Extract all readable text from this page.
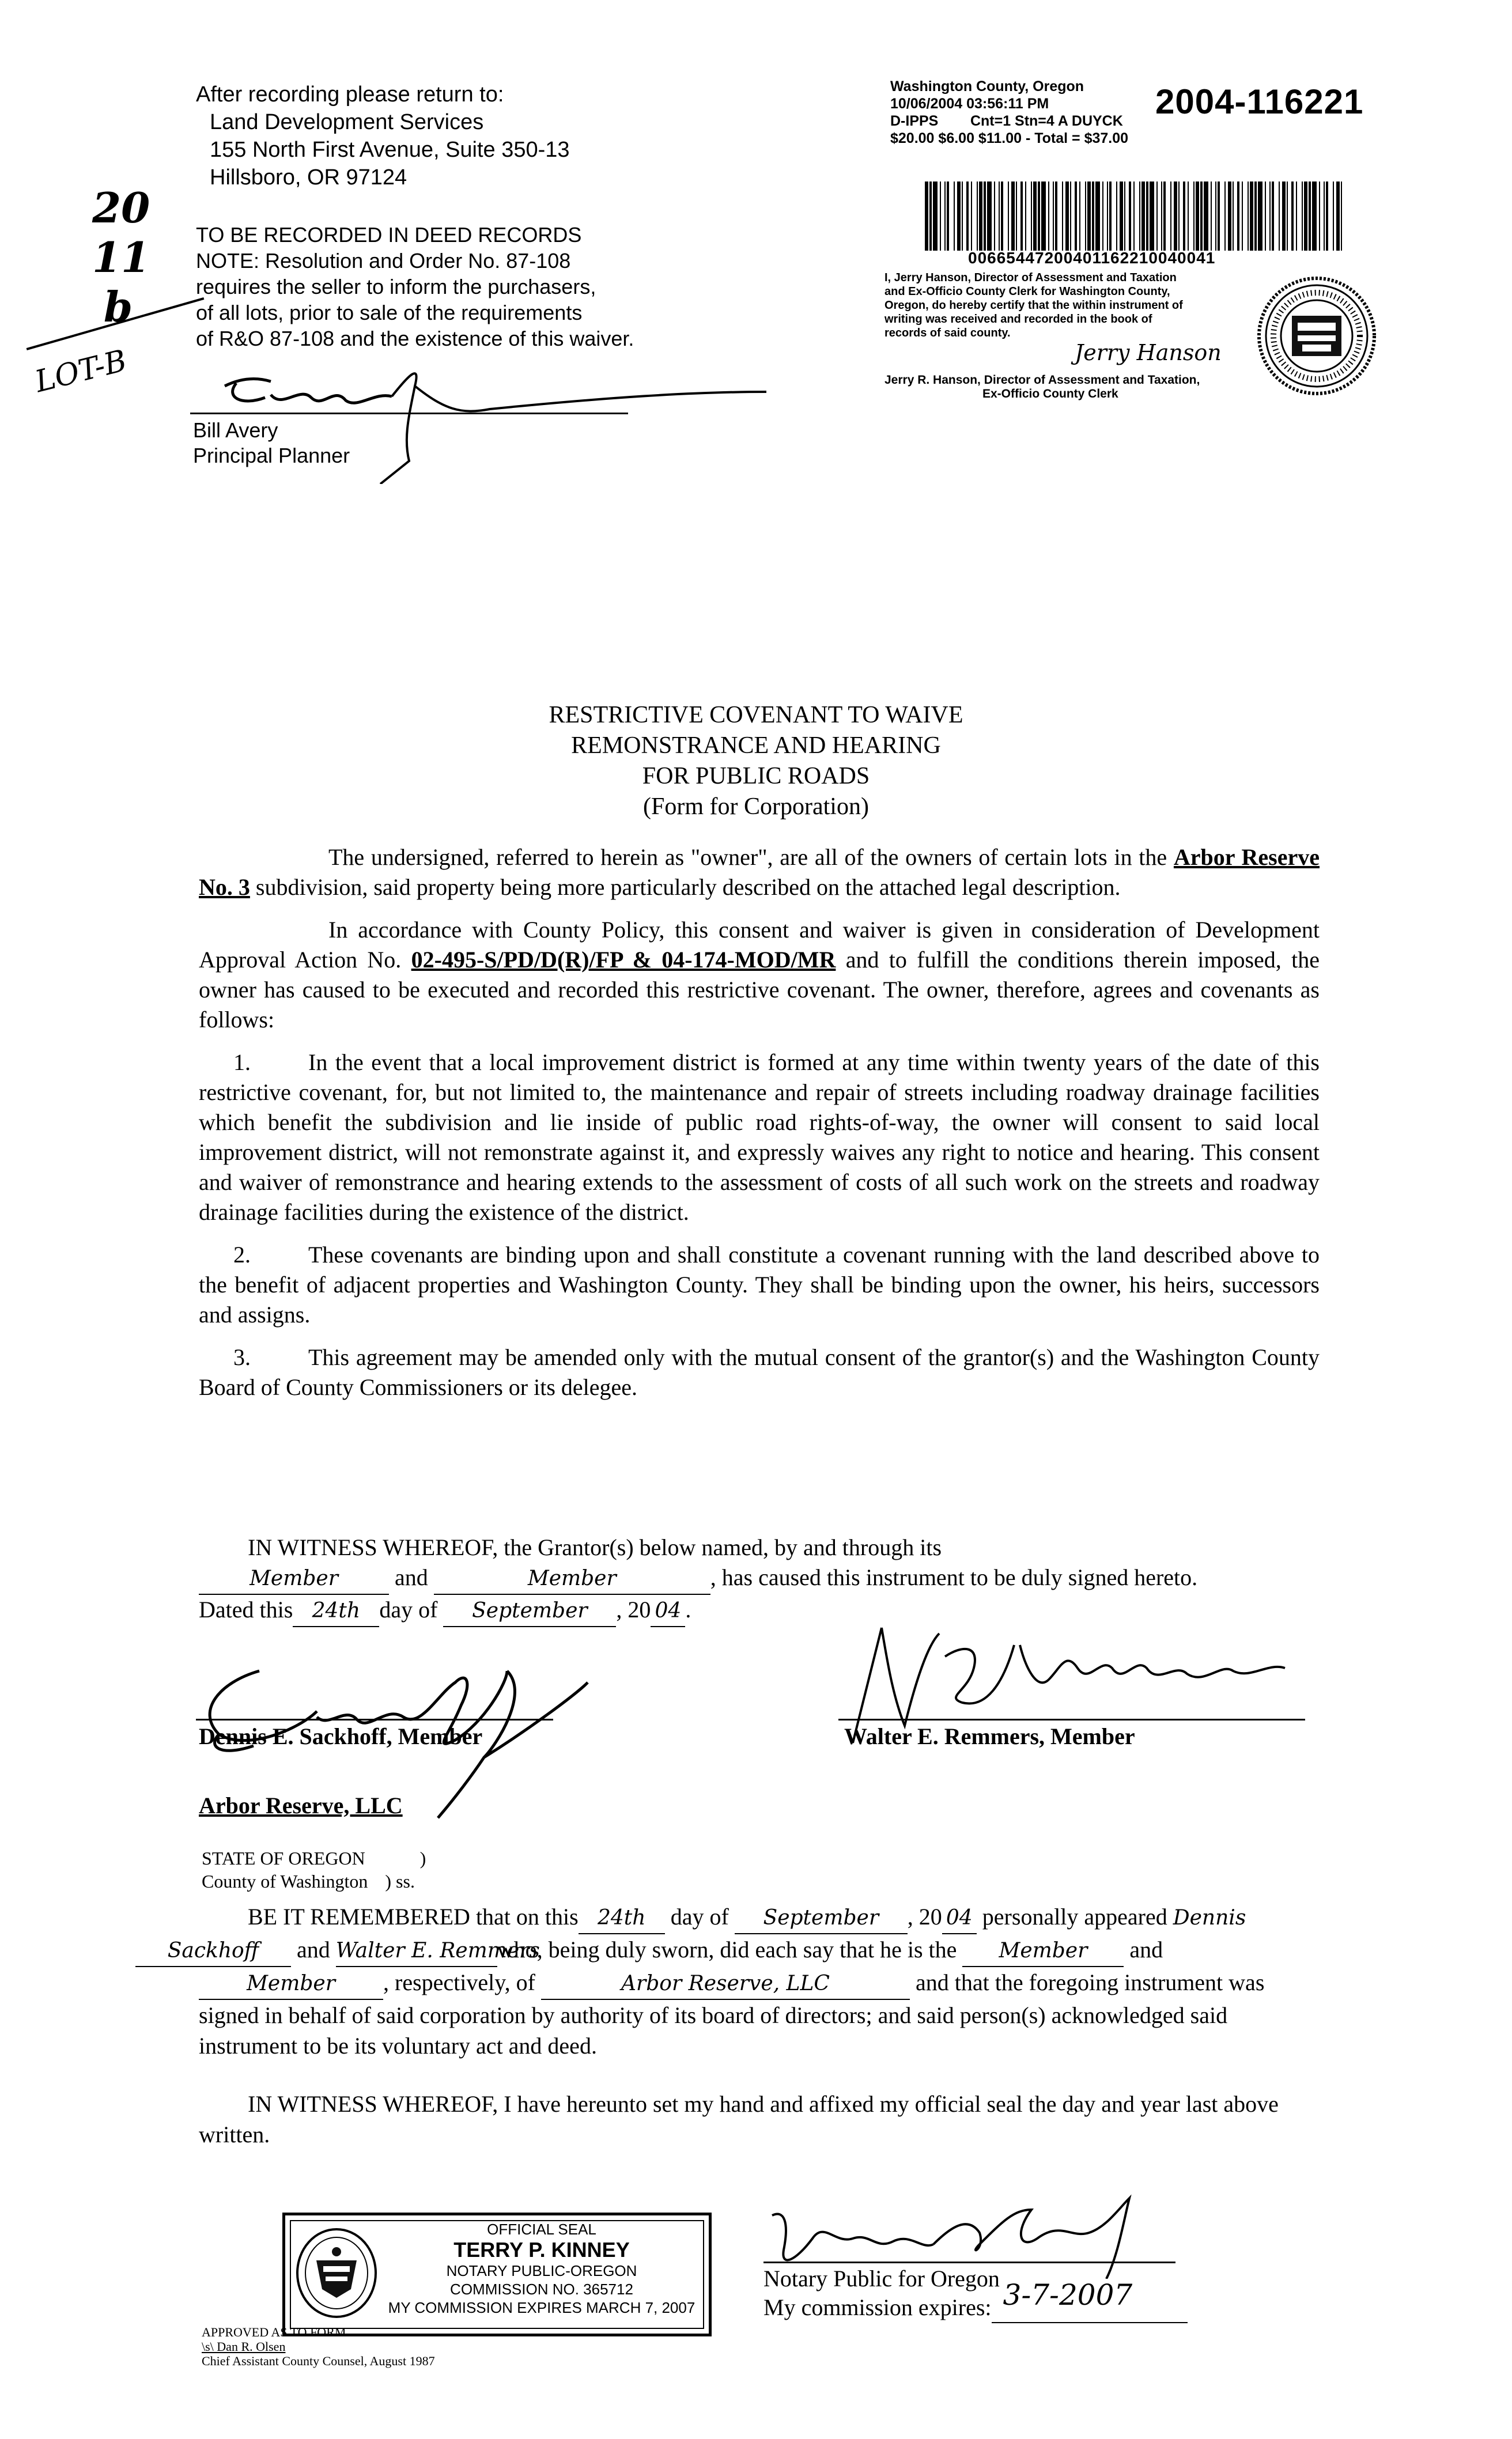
After recording please return to:
Land Development Services
155 North First Avenue, Suite 350-13
Hillsboro, OR 97124
Washington County, Oregon
10/06/2004 03:56:11 PM
D-IPPS Cnt=1 Stn=4 A DUYCK
$20.00 $6.00 $11.00 - Total = $37.00
2004-116221
00665447200401162210040041
I, Jerry Hanson, Director of Assessment and Taxation
and Ex-Officio County Clerk for Washington County,
Oregon, do hereby certify that the within instrument of
writing was received and recorded in the book of
records of said county.
Jerry Hanson
Jerry R. Hanson, Director of Assessment and Taxation,
Ex-Officio County Clerk
20
11
b
LOT-B
TO BE RECORDED IN DEED RECORDS
NOTE: Resolution and Order No. 87-108
requires the seller to inform the purchasers,
of all lots, prior to sale of the requirements
of R&O 87-108 and the existence of this waiver.
Bill Avery
Principal Planner
RESTRICTIVE COVENANT TO WAIVE
REMONSTRANCE AND HEARING
FOR PUBLIC ROADS
(Form for Corporation)

The undersigned, referred to herein as "owner", are all of the owners of certain lots in the Arbor Reserve No. 3 subdivision, said property being more particularly described on the attached legal description.

In accordance with County Policy, this consent and waiver is given in consideration of Development Approval Action No. 02-495-S/PD/D(R)/FP & 04-174-MOD/MR and to fulfill the conditions therein imposed, the owner has caused to be executed and recorded this restrictive covenant. The owner, therefore, agrees and covenants as follows:

1.	In the event that a local improvement district is formed at any time within twenty years of the date of this restrictive covenant, for, but not limited to, the maintenance and repair of streets including roadway drainage facilities which benefit the subdivision and lie inside of public road rights-of-way, the owner will consent to said local improvement district, will not remonstrate against it, and expressly waives any right to notice and hearing. This consent and waiver of remonstrance and hearing extends to the assessment of costs of all such work on the streets and roadway drainage facilities during the existence of the district.

2.	These covenants are binding upon and shall constitute a covenant running with the land described above to the benefit of adjacent properties and Washington County. They shall be binding upon the owner, his heirs, successors and assigns.

3.	This agreement may be amended only with the mutual consent of the grantor(s) and the Washington County Board of County Commissioners or its delegee.

IN WITNESS WHEREOF, the Grantor(s) below named, by and through its
Member and	Member	, has caused this instrument to be duly signed hereto.
Dated this 24th day of September , 20 04 .
Dennis E. Sackhoff, Member	Walter E. Remmers, Member
Arbor Reserve, LLC
STATE OF OREGON	)
County of Washington ) ss.
BE IT REMEMBERED that on this 24th day of September , 20 04 personally appeared Dennis
Sackhoff and Walter E. Remmerswho, being duly sworn, did each say that he is the Member and
Member , respectively, of	Arbor Reserve, LLC	and that the foregoing instrument was signed in behalf of said corporation by authority of its board of directors; and said person(s) acknowledged said instrument to be its voluntary act and deed.
IN WITNESS WHEREOF, I have hereunto set my hand and affixed my official seal the day and year last above written.
OFFICIAL SEAL
TERRY P. KINNEY
NOTARY PUBLIC-OREGON
COMMISSION NO. 365712
MY COMMISSION EXPIRES MARCH 7, 2007
Notary Public for Oregon
My commission expires: 3-7-2007

APPROVED AS TO FORM
\s\ Dan R. Olsen
Chief Assistant County Counsel, August 1987
